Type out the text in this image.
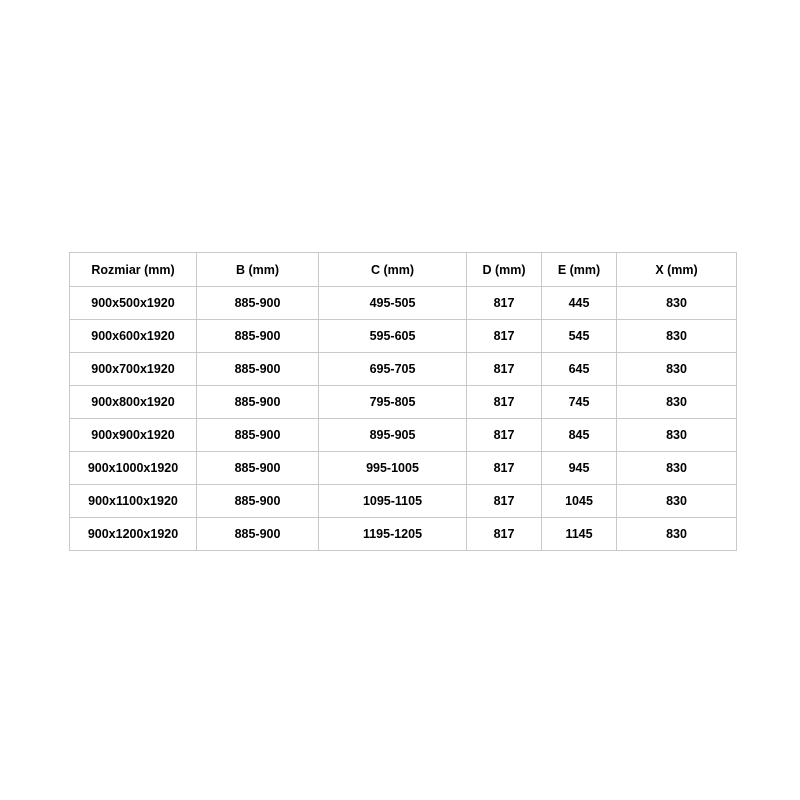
Rozmiar (mm)	B (mm)	C (mm)	D (mm)	E (mm)	X (mm)
900x500x1920	885-900	495-505	817	445	830
900x600x1920	885-900	595-605	817	545	830
900x700x1920	885-900	695-705	817	645	830
900x800x1920	885-900	795-805	817	745	830
900x900x1920	885-900	895-905	817	845	830
900x1000x1920	885-900	995-1005	817	945	830
900x1100x1920	885-900	1095-1105	817	1045	830
900x1200x1920	885-900	1195-1205	817	1145	830
